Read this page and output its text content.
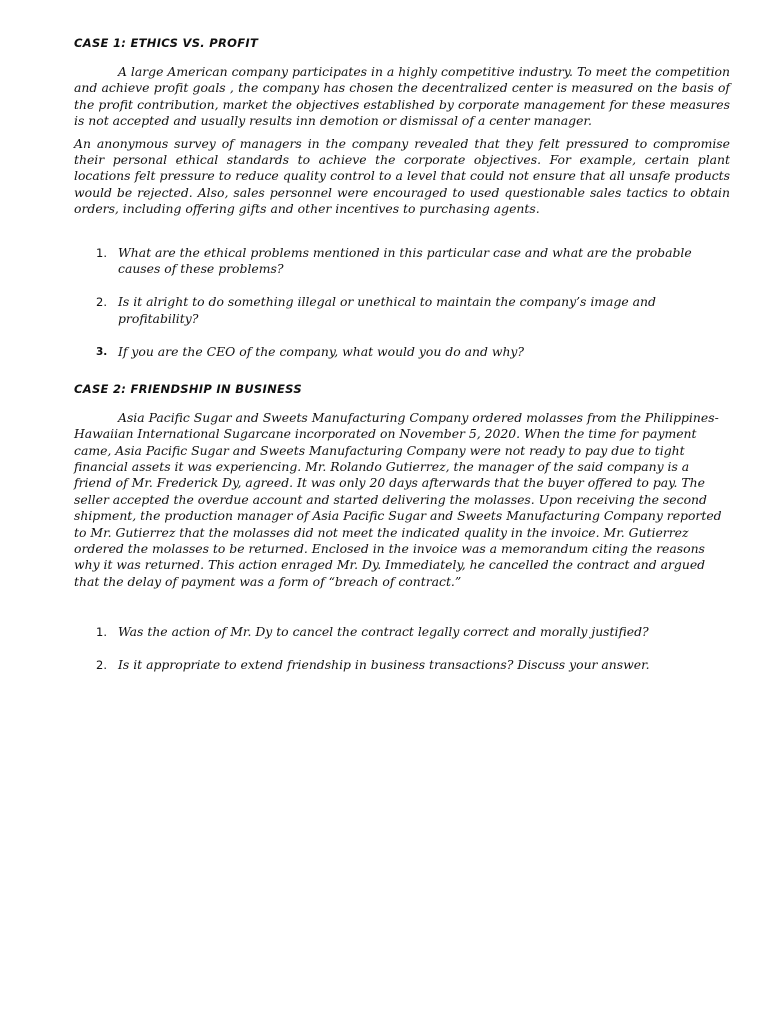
CASE 1: ETHICS VS. PROFIT

A large American company participates in a highly competitive industry. To meet the competition and achieve profit goals , the company has chosen the decentralized center is measured on the basis of the profit contribution, market the objectives established by corporate management for these measures is not accepted and usually results inn demotion or dismissal of a center manager.

An anonymous survey of managers in the company revealed that they felt pressured to compromise their personal ethical standards to achieve the corporate objectives. For example, certain plant locations felt pressure to reduce quality control to a level that could not ensure that all unsafe products would be rejected. Also, sales personnel were encouraged to used questionable sales tactics to obtain orders, including offering gifts and other incentives to purchasing agents.

1. What are the ethical problems mentioned in this particular case and what are the probable causes of these problems?
2. Is it alright to do something illegal or unethical to maintain the company’s image and profitability?
3. If you are the CEO of the company, what would you do and why?
CASE 2: FRIENDSHIP IN BUSINESS

Asia Pacific Sugar and Sweets Manufacturing Company ordered molasses from the Philippines-Hawaiian International Sugarcane incorporated on November 5, 2020. When the time for payment came, Asia Pacific Sugar and Sweets Manufacturing Company were not ready to pay due to tight financial assets it was experiencing. Mr. Rolando Gutierrez, the manager of the said company is a friend of Mr. Frederick Dy, agreed. It was only 20 days afterwards that the buyer offered to pay. The seller accepted the overdue account and started delivering the molasses. Upon receiving the second shipment, the production manager of Asia Pacific Sugar and Sweets Manufacturing Company reported to Mr. Gutierrez that the molasses did not meet the indicated quality in the invoice. Mr. Gutierrez ordered the molasses to be returned. Enclosed in the invoice was a memorandum citing the reasons why it was returned. This action enraged Mr. Dy. Immediately, he cancelled the contract and argued that the delay of payment was a form of “breach of contract.”

1. Was the action of Mr. Dy to cancel the contract legally correct and morally justified?
2. Is it appropriate to extend friendship in business transactions? Discuss your answer.
